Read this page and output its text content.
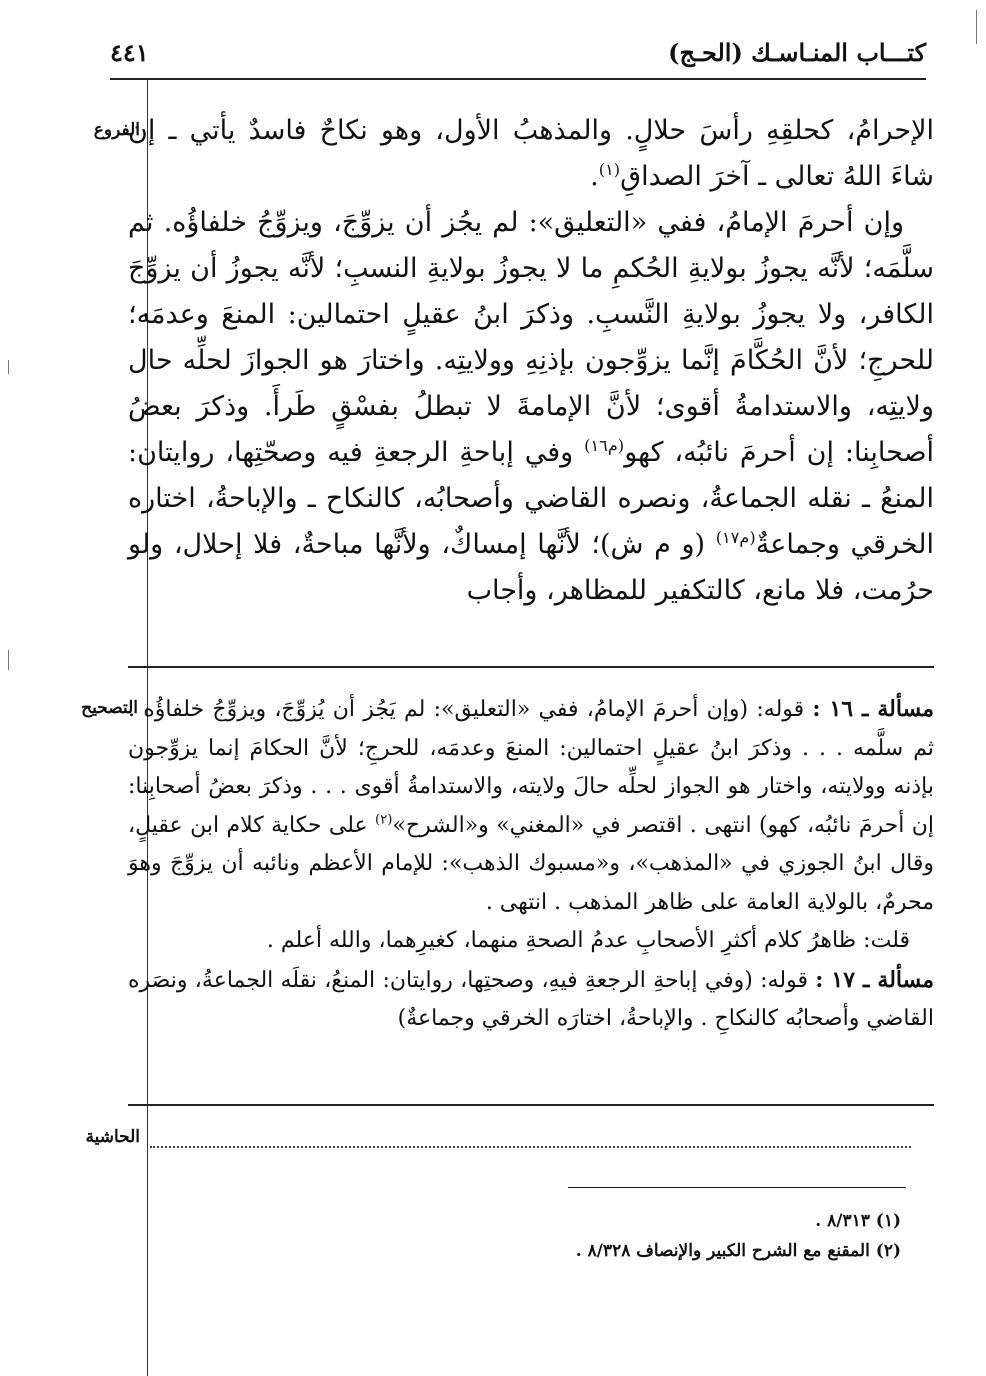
٤٤١	كتـــاب المنـاسـك (الحـج)
الفروع
التصحيح
الحاشية

الإحرامُ، كحلقِهِ رأسَ حلالٍ. والمذهبُ الأول، وهو نكاحٌ فاسدٌ يأتي ـ إن شاءَ اللهُ تعالى ـ آخرَ الصداقِ$^{(١)}$.

وإن أحرمَ الإمامُ، ففي «التعليق»: لم يجُز أن يزوِّجَ، ويزوِّجُ خلفاؤُه. ثم سلَّمَه؛ لأنَّه يجوزُ بولايةِ الحُكمِ ما لا يجوزُ بولايةِ النسبِ؛ لأنَّه يجوزُ أن يزوِّجَ الكافر، ولا يجوزُ بولايةِ النَّسبِ. وذكرَ ابنُ عقيلٍ احتمالين: المنعَ وعدمَه؛ للحرجِ؛ لأنَّ الحُكَّامَ إنَّما يزوِّجون بإذنِهِ وولايتِه. واختارَ هو الجوازَ لحلِّه حال ولايتِه، والاستدامةُ أقوى؛ لأنَّ الإمامةَ لا تبطلُ بفسْقٍ طَرأَ. وذكرَ بعضُ أصحابِنا: إن أحرمَ نائبُه، كهو$^{(م١٦)}$ وفي إباحةِ الرجعةِ فيه وصحّتِها، روايتان: المنعُ ـ نقله الجماعةُ، ونصره القاضي وأصحابُه، كالنكاح ـ والإباحةُ، اختاره الخرقي وجماعةٌ$^{(م١٧)}$ (و م ش)؛ لأنَّها إمساكٌ، ولأنَّها مباحةٌ، فلا إحلال، ولو حرُمت، فلا مانع، كالتكفير للمظاهر، وأجاب

مسألة ـ ١٦ : قوله: (وإن أحرمَ الإمامُ، ففي «التعليق»: لم يَجُز أن يُزوِّجَ، ويزوِّجُ خلفاؤُه . ثم سلَّمه . . . وذكرَ ابنُ عقيلٍ احتمالين: المنعَ وعدمَه، للحرجِ؛ لأنَّ الحكامَ إنما يزوِّجون بإذنه وولايته، واختار هو الجواز لحلِّه حالَ ولايته، والاستدامةُ أقوى . . . وذكرَ بعضُ أصحابِنا: إن أحرمَ نائبُه، كهو) انتهى . اقتصر في «المغني» و«الشرح»$^{(٢)}$ على حكاية كلام ابن عقيلٍ، وقال ابنُ الجوزي في «المذهب»، و«مسبوك الذهب»: للإمام الأعظم ونائبه أن يزوِّجَ وهوَ محرمٌ، بالولاية العامة على ظاهر المذهب . انتهى .

قلت: ظاهرُ كلام أكثرِ الأصحابِ عدمُ الصحةِ منهما، كغيرِهما، والله أعلم .

مسألة ـ ١٧ : قوله: (وفي إباحةِ الرجعةِ فيهِ، وصحتِها، روايتان: المنعُ، نقلَه الجماعةُ، ونصَره القاضي وأصحابُه كالنكاحِ . والإباحةُ، اختارَه الخرقي وجماعةٌ)

(١) ٨/٣١٣ .

(٢) المقنع مع الشرح الكبير والإنصاف ٨/٣٢٨ .
